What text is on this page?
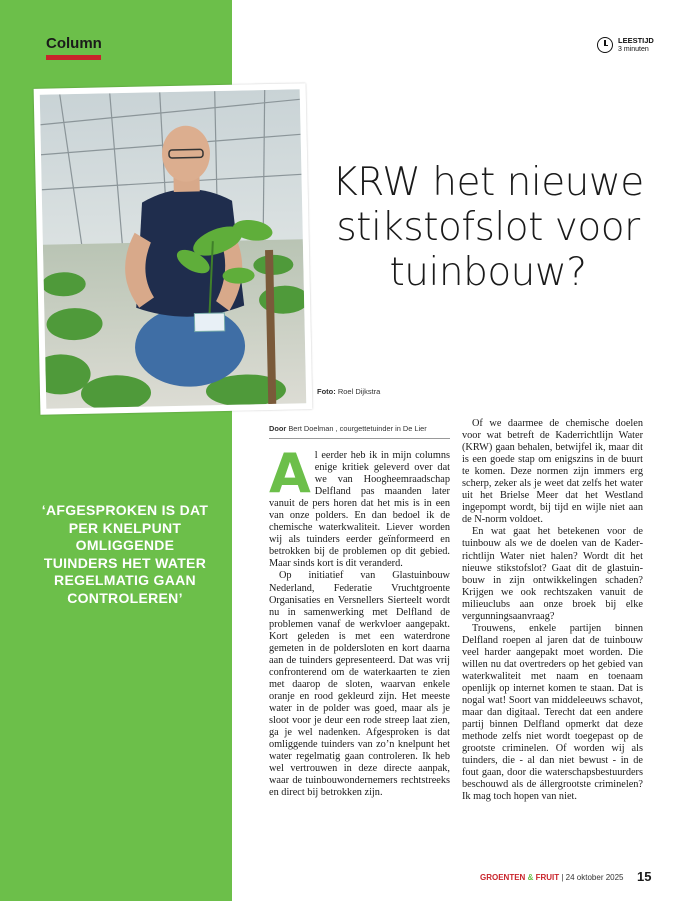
Column
Foto: Roel Dijkstra
LEESTIJD
3 minuten
KRW het nieuwe stikstofslot voor tuinbouw?

‘AFGESPROKEN IS DAT PER KNELPUNT OMLIGGENDE TUINDERS HET WATER REGELMATIG GAAN CONTROLEREN’

Door Bert Doelman , courgettetuinder in De Lier
A l eerder heb ik in mijn columns enige kritiek geleverd over dat we van Hoogheemraadschap Delfland pas maanden later vanuit de pers horen dat het mis is in een van onze polders. En dan bedoel ik de chemische waterkwaliteit. Liever worden wij als tuinders eerder geïnformeerd en betrokken bij de problemen op dit gebied. Maar sinds kort is dit veranderd.

Op initiatief van Glastuinbouw Nederland, Federatie Vruchtgroente Organisaties en Versnellers Sierteelt wordt nu in samenwerking met Delfland de problemen vanaf de werkvloer aangepakt. Kort geleden is met een waterdrone gemeten in de poldersloten en kort daarna aan de tuinders gepresenteerd. Dat was vrij confronterend om de waterkaarten te zien met daarop de sloten, waarvan enkele oranje en rood gekleurd zijn. Het meeste water in de polder was goed, maar als je sloot voor je deur een rode streep laat zien, ga je wel nadenken. Afgesproken is dat omliggende tuinders van zo’n knelpunt het water regelmatig gaan controleren. Ik heb wel vertrouwen in deze directe aanpak, waar de tuinbouwondernemers rechtstreeks en direct bij betrokken zijn.

Of we daarmee de chemische doelen voor wat betreft de Kaderrichtlijn Water (KRW) gaan behalen, betwijfel ik, maar dit is een goede stap om enigszins in de buurt te komen. Deze normen zijn immers erg scherp, zeker als je weet dat zelfs het water uit het Brielse Meer dat het Westland ingepompt wordt, bij tijd en wijle niet aan de N-norm voldoet.

En wat gaat het betekenen voor de tuinbouw als we de doelen van de Kaderrichtlijn Water niet halen? Wordt dit het nieuwe stikstofslot? Gaat dit de glastuinbouw in zijn ontwikkelingen schaden? Krijgen we ook rechtszaken vanuit de milieuclubs aan onze broek bij elke vergunningsaanvraag?

Trouwens, enkele partijen binnen Delfland roepen al jaren dat de tuinbouw veel harder aangepakt moet worden. Die willen nu dat overtreders op het gebied van waterkwaliteit met naam en toenaam openlijk op internet komen te staan. Dat is nogal wat! Soort van middeleeuws schavot, maar dan digitaal. Terecht dat een andere partij binnen Delfland opmerkt dat deze methode zelfs niet wordt toegepast op de grootste criminelen. Of worden wij als tuinders, die - al dan niet bewust - in de fout gaan, door die waterschapsbestuurders beschouwd als de állergrootste criminelen? Ik mag toch hopen van niet.

GROENTEN & FRUIT | 24 oktober 2025 15
